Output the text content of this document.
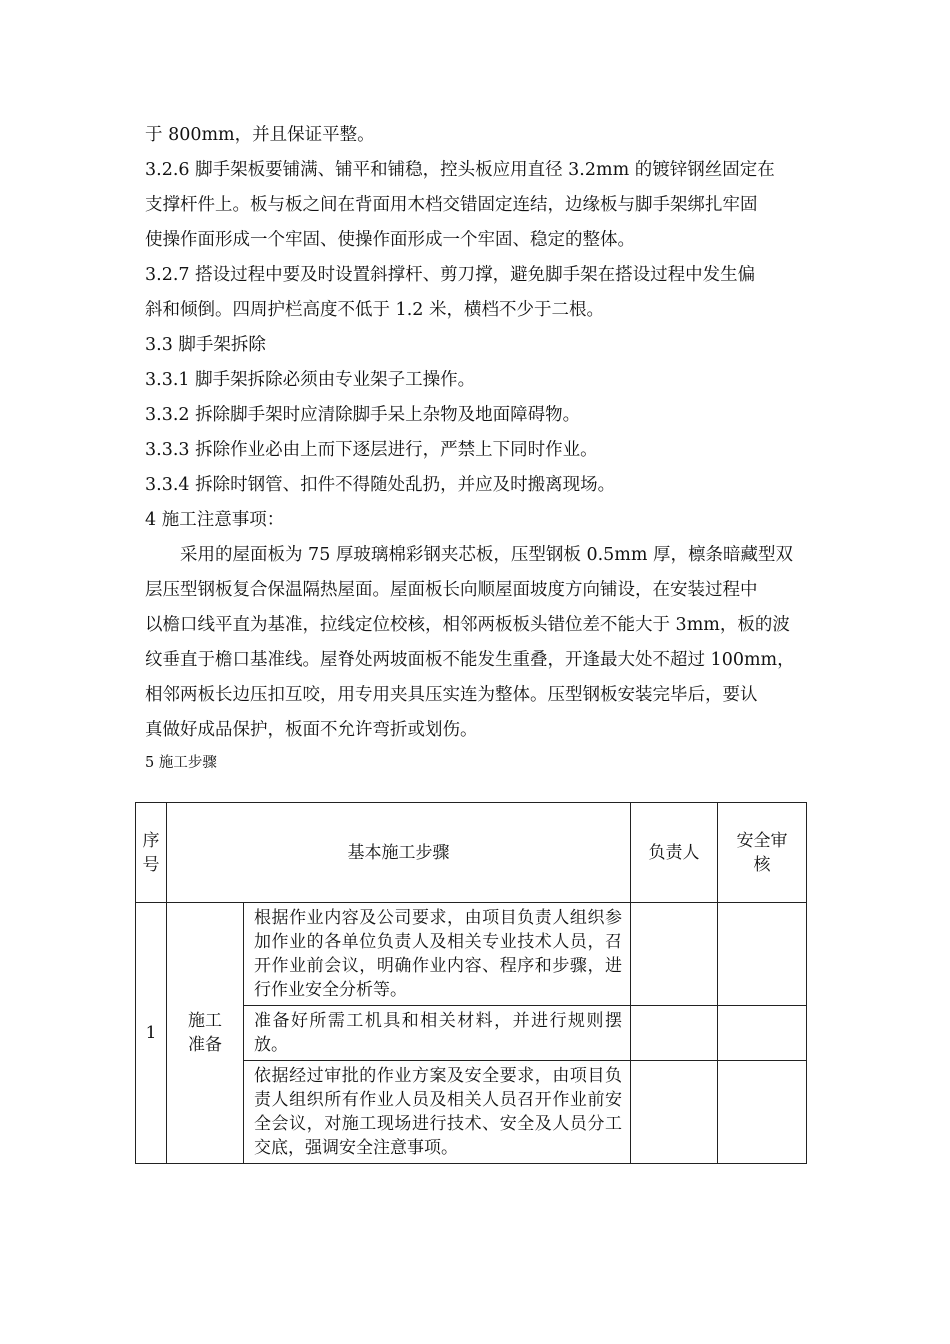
于 800mm，并且保证平整。
3.2.6 脚手架板要铺满、铺平和铺稳，控头板应用直径 3.2mm 的镀锌钢丝固定在
支撑杆件上。板与板之间在背面用木档交错固定连结，边缘板与脚手架绑扎牢固
使操作面形成一个牢固、使操作面形成一个牢固、稳定的整体。
3.2.7 搭设过程中要及时设置斜撑杆、剪刀撑，避免脚手架在搭设过程中发生偏
斜和倾倒。四周护栏高度不低于 1.2 米，横档不少于二根。
3.3 脚手架拆除
3.3.1 脚手架拆除必须由专业架子工操作。
3.3.2 拆除脚手架时应清除脚手呆上杂物及地面障碍物。
3.3.3 拆除作业必由上而下逐层进行，严禁上下同时作业。
3.3.4 拆除时钢管、扣件不得随处乱扔，并应及时搬离现场。
4 施工注意事项：
采用的屋面板为 75 厚玻璃棉彩钢夹芯板，压型钢板 0.5mm 厚，檩条暗藏型双
层压型钢板复合保温隔热屋面。屋面板长向顺屋面坡度方向铺设，在安装过程中
以檐口线平直为基准，拉线定位校核，相邻两板板头错位差不能大于 3mm，板的波
纹垂直于檐口基准线。屋脊处两坡面板不能发生重叠，开逢最大处不超过 100mm，
相邻两板长边压扣互咬，用专用夹具压实连为整体。压型钢板安装完毕后，要认
真做好成品保护，板面不允许弯折或划伤。
5 施工步骤
序号	基本施工步骤		负责人	安全审核
1	施工准备	根据作业内容及公司要求，由项目负责人组织参加作业的各单位负责人及相关专业技术人员，召开作业前会议，明确作业内容、程序和步骤，进行作业安全分析等。		
		准备好所需工机具和相关材料，并进行规则摆放。		
		依据经过审批的作业方案及安全要求，由项目负责人组织所有作业人员及相关人员召开作业前安全会议，对施工现场进行技术、安全及人员分工交底，强调安全注意事项。		
